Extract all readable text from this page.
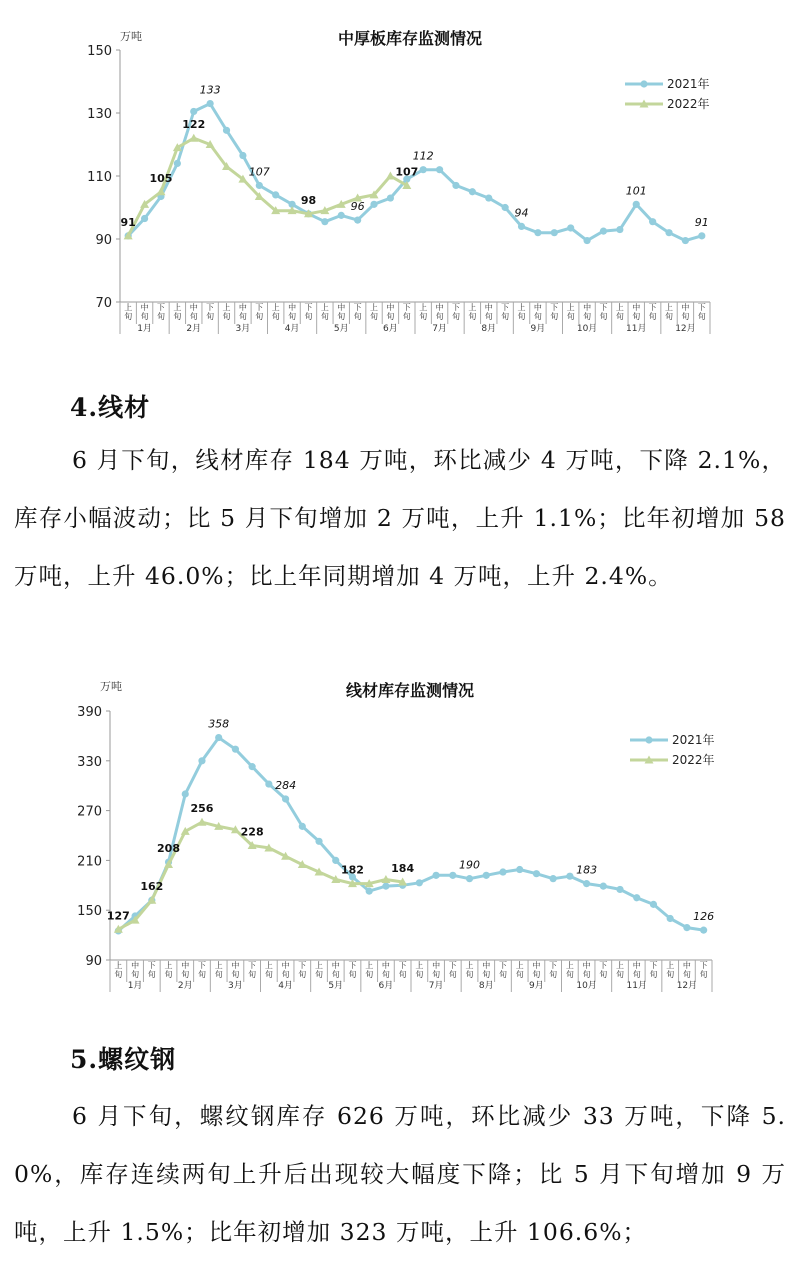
中厚板库存监测情况
万吨
70
90
110
130
150
上
旬
中
旬
下
旬
上
旬
中
旬
下
旬
上
旬
中
旬
下
旬
上
旬
中
旬
下
旬
上
旬
中
旬
下
旬
上
旬
中
旬
下
旬
上
旬
中
旬
下
旬
上
旬
中
旬
下
旬
上
旬
中
旬
下
旬
上
旬
中
旬
下
旬
上
旬
中
旬
下
旬
上
旬
中
旬
下
旬
1月	2月	3月	4月	5月	6月	7月	8月	9月	10月	11月	12月
2021年
2022年
91
105
122
133
107
98	96
107
112
94
101
91
4.线材
6 月下旬，线材库存 184 万吨，环比减少 4 万吨，下降 2.1%，库存小幅波动；比 5 月下旬增加 2 万吨，上升 1.1%；比年初增加 58 万吨，上升 46.0%；比上年同期增加 4 万吨，上升 2.4%。
线材库存监测情况
万吨
90
150
210
270
330
390
上
旬
中
旬
下
旬
上
旬
中
旬
下
旬
上
旬
中
旬
下
旬
上
旬
中
旬
下
旬
上
旬
中
旬
下
旬
上
旬
中
旬
下
旬
上
旬
中
旬
下
旬
上
旬
中
旬
下
旬
上
旬
中
旬
下
旬
上
旬
中
旬
下
旬
上
旬
中
旬
下
旬
上
旬
中
旬
下
旬
1月	2月	3月	4月	5月	6月	7月	8月	9月	10月	11月	12月
2021年
2022年
127
162
208
256
358
228
284
182 184	190	183
126
5.螺纹钢
6 月下旬，螺纹钢库存 626 万吨，环比减少 33 万吨，下降 5.0%，库存连续两旬上升后出现较大幅度下降；比 5 月下旬增加 9 万吨，上升 1.5%；比年初增加 323 万吨，上升 106.6%；
